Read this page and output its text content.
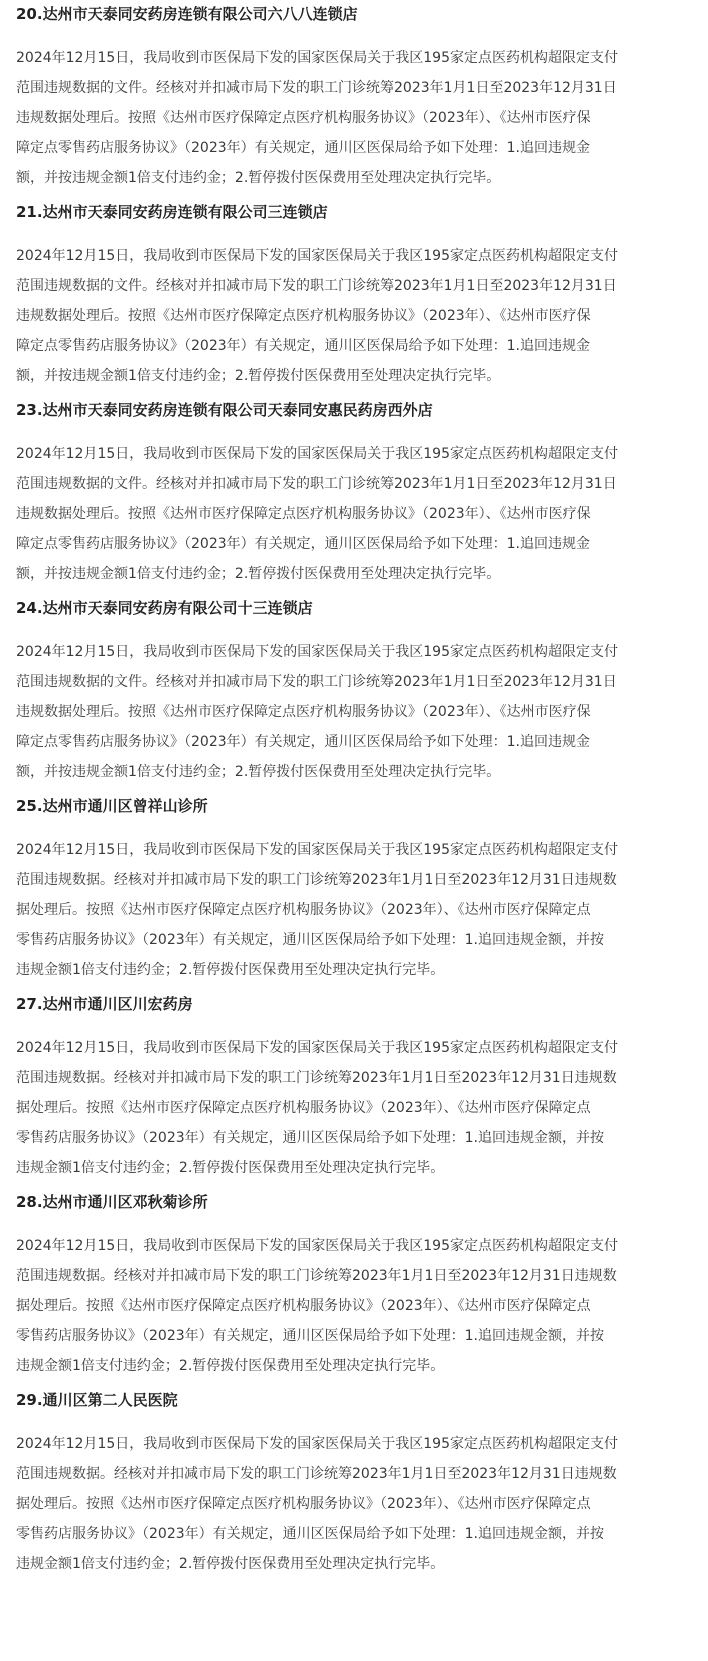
20.达州市天泰同安药房连锁有限公司六八八连锁店
2024年12月15日，我局收到市医保局下发的国家医保局关于我区195家定点医药机构超限定支付
范围违规数据的文件。经核对并扣减市局下发的职工门诊统筹2023年1月1日至2023年12月31日
违规数据处理后。按照《达州市医疗保障定点医疗机构服务协议》（2023年）、《达州市医疗保
障定点零售药店服务协议》（2023年）有关规定，通川区医保局给予如下处理：1.追回违规金
额，并按违规金额1倍支付违约金；2.暂停拨付医保费用至处理决定执行完毕。
21.达州市天泰同安药房连锁有限公司三连锁店
2024年12月15日，我局收到市医保局下发的国家医保局关于我区195家定点医药机构超限定支付
范围违规数据的文件。经核对并扣减市局下发的职工门诊统筹2023年1月1日至2023年12月31日
违规数据处理后。按照《达州市医疗保障定点医疗机构服务协议》（2023年）、《达州市医疗保
障定点零售药店服务协议》（2023年）有关规定，通川区医保局给予如下处理：1.追回违规金
额，并按违规金额1倍支付违约金；2.暂停拨付医保费用至处理决定执行完毕。
23.达州市天泰同安药房连锁有限公司天泰同安惠民药房西外店
2024年12月15日，我局收到市医保局下发的国家医保局关于我区195家定点医药机构超限定支付
范围违规数据的文件。经核对并扣减市局下发的职工门诊统筹2023年1月1日至2023年12月31日
违规数据处理后。按照《达州市医疗保障定点医疗机构服务协议》（2023年）、《达州市医疗保
障定点零售药店服务协议》（2023年）有关规定，通川区医保局给予如下处理：1.追回违规金
额，并按违规金额1倍支付违约金；2.暂停拨付医保费用至处理决定执行完毕。
24.达州市天泰同安药房有限公司十三连锁店
2024年12月15日，我局收到市医保局下发的国家医保局关于我区195家定点医药机构超限定支付
范围违规数据的文件。经核对并扣减市局下发的职工门诊统筹2023年1月1日至2023年12月31日
违规数据处理后。按照《达州市医疗保障定点医疗机构服务协议》（2023年）、《达州市医疗保
障定点零售药店服务协议》（2023年）有关规定，通川区医保局给予如下处理：1.追回违规金
额，并按违规金额1倍支付违约金；2.暂停拨付医保费用至处理决定执行完毕。
25.达州市通川区曾祥山诊所
2024年12月15日，我局收到市医保局下发的国家医保局关于我区195家定点医药机构超限定支付
范围违规数据。经核对并扣减市局下发的职工门诊统筹2023年1月1日至2023年12月31日违规数
据处理后。按照《达州市医疗保障定点医疗机构服务协议》（2023年）、《达州市医疗保障定点
零售药店服务协议》（2023年）有关规定，通川区医保局给予如下处理：1.追回违规金额，并按
违规金额1倍支付违约金；2.暂停拨付医保费用至处理决定执行完毕。
27.达州市通川区川宏药房
2024年12月15日，我局收到市医保局下发的国家医保局关于我区195家定点医药机构超限定支付
范围违规数据。经核对并扣减市局下发的职工门诊统筹2023年1月1日至2023年12月31日违规数
据处理后。按照《达州市医疗保障定点医疗机构服务协议》（2023年）、《达州市医疗保障定点
零售药店服务协议》（2023年）有关规定，通川区医保局给予如下处理：1.追回违规金额，并按
违规金额1倍支付违约金；2.暂停拨付医保费用至处理决定执行完毕。
28.达州市通川区邓秋菊诊所
2024年12月15日，我局收到市医保局下发的国家医保局关于我区195家定点医药机构超限定支付
范围违规数据。经核对并扣减市局下发的职工门诊统筹2023年1月1日至2023年12月31日违规数
据处理后。按照《达州市医疗保障定点医疗机构服务协议》（2023年）、《达州市医疗保障定点
零售药店服务协议》（2023年）有关规定，通川区医保局给予如下处理：1.追回违规金额，并按
违规金额1倍支付违约金；2.暂停拨付医保费用至处理决定执行完毕。
29.通川区第二人民医院
2024年12月15日，我局收到市医保局下发的国家医保局关于我区195家定点医药机构超限定支付
范围违规数据。经核对并扣减市局下发的职工门诊统筹2023年1月1日至2023年12月31日违规数
据处理后。按照《达州市医疗保障定点医疗机构服务协议》（2023年）、《达州市医疗保障定点
零售药店服务协议》（2023年）有关规定，通川区医保局给予如下处理：1.追回违规金额，并按
违规金额1倍支付违约金；2.暂停拨付医保费用至处理决定执行完毕。
